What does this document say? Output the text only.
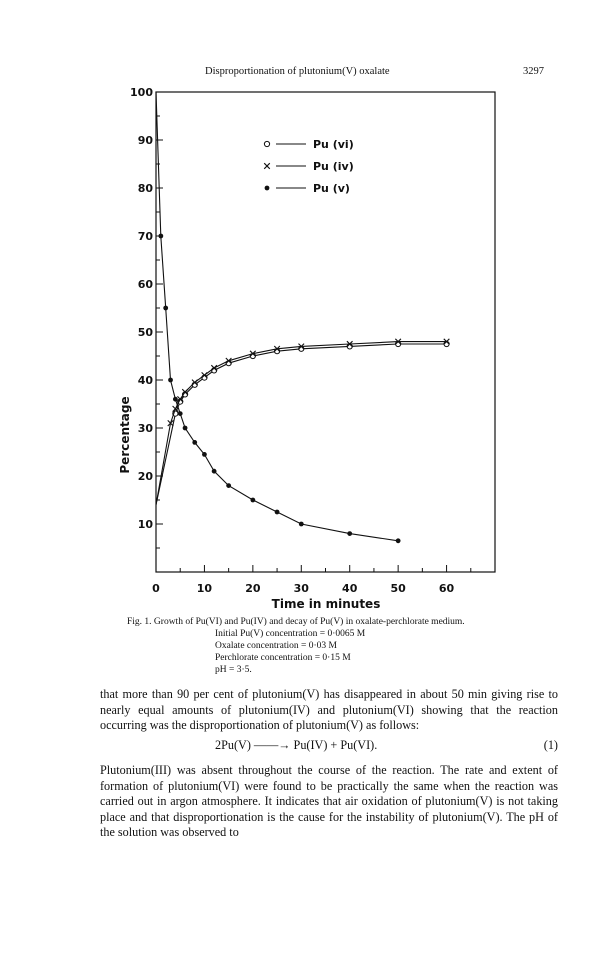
Disproportionation of plutonium(V) oxalate	3297
10
20
30
40
50
60
70
80
90
100
0	10	20	30	40	50	60
Pu (vi)
Pu (iv)
Pu (v)
Percentage
Time in minutes
Fig. 1. Growth of Pu(VI) and Pu(IV) and decay of Pu(V) in oxalate-perchlorate medium.
Initial Pu(V) concentration = 0·0065 M
Oxalate concentration = 0·03 M
Perchlorate concentration = 0·15 M
pH = 3·5.
that more than 90 per cent of plutonium(V) has disappeared in about 50 min giving rise to nearly equal amounts of plutonium(IV) and plutonium(VI) showing that the reaction occurring was the disproportionation of plutonium(V) as follows:
2Pu(V) ——→ Pu(IV) + Pu(VI).	(1)
Plutonium(III) was absent throughout the course of the reaction. The rate and extent of formation of plutonium(VI) were found to be practically the same when the reaction was carried out in argon atmosphere. It indicates that air oxidation of plutonium(V) is not taking place and that disproportionation is the cause for the instability of plutonium(V). The pH of the solution was observed to
